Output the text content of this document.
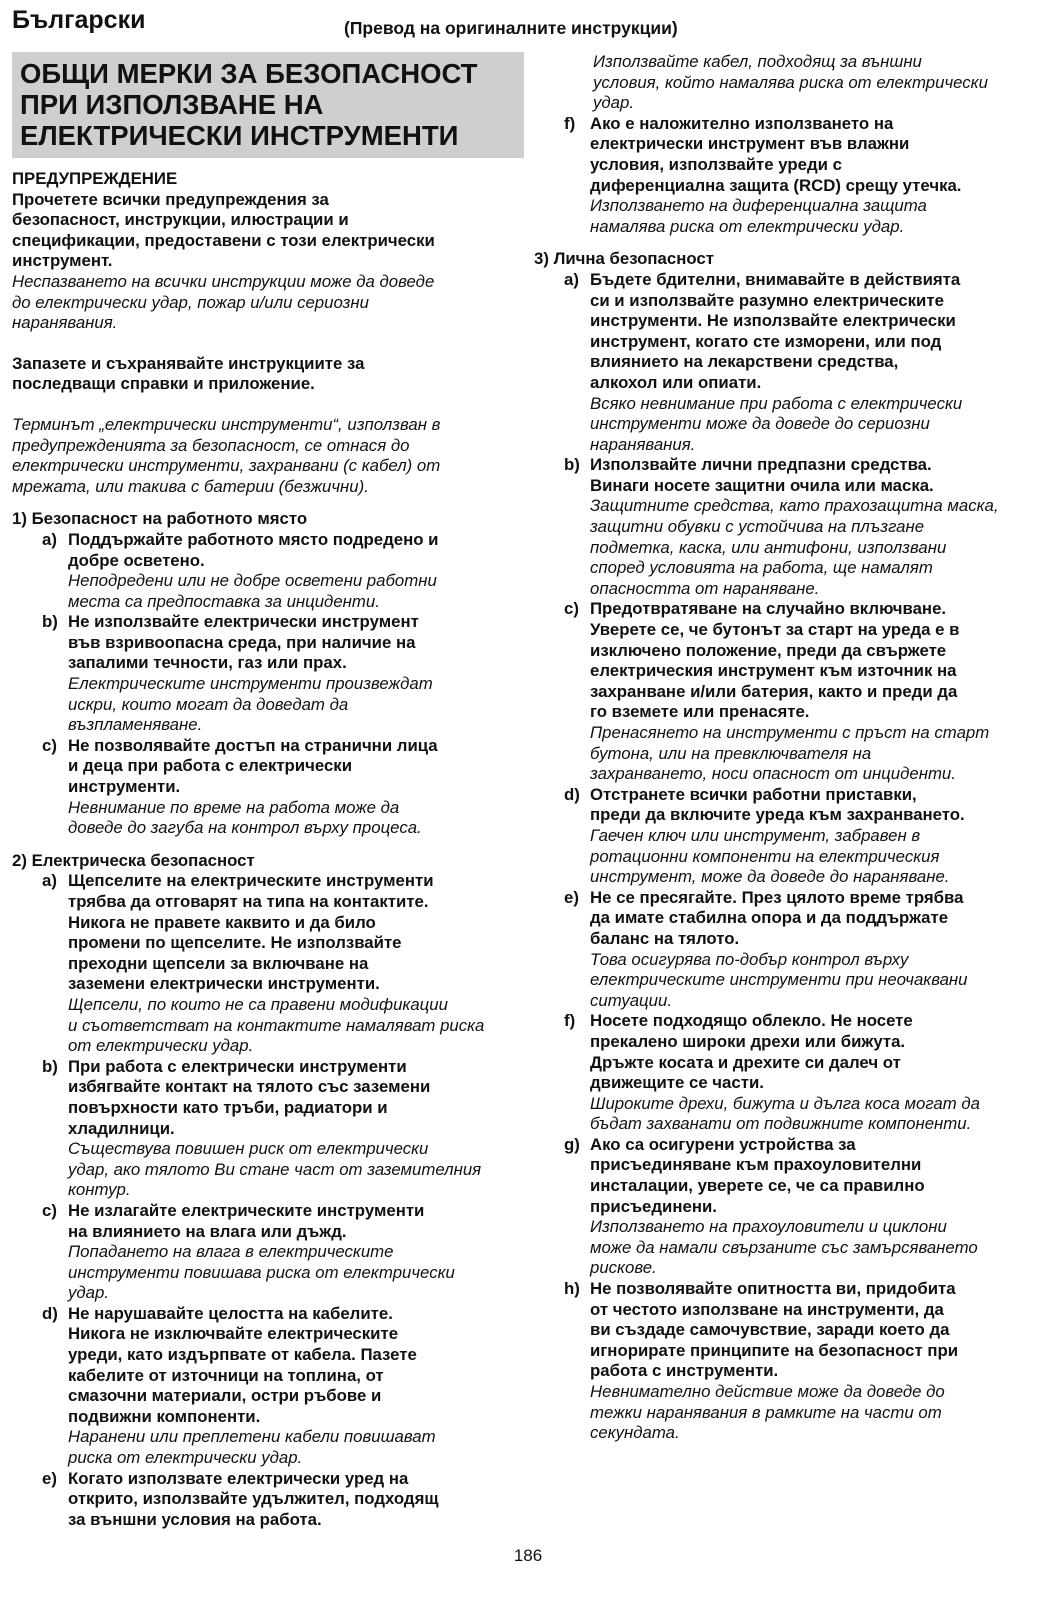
Български	(Превод на оригиналните инструкции)
ОБЩИ МЕРКИ ЗА БЕЗОПАСНОСТ
ПРИ ИЗПОЛЗВАНЕ НА
ЕЛЕКТРИЧЕСКИ ИНСТРУМЕНТИ
ПРЕДУПРЕЖДЕНИЕ
Прочетете всички предупреждения за
безопасност, инструкции, илюстрации и
спецификации, предоставени с този електрически
инструмент.
Неспазването на всички инструкции може да доведе
до електрически удар, пожар и/или сериозни
наранявания.
Запазете и съхранявайте инструкциите за
последващи справки и приложение.
Терминът „електрически инструменти“, използван в
предупрежденията за безопасност, се отнася до
електрически инструменти, захранвани (с кабел) от
мрежата, или такива с батерии (безжични).
1) Безопасност на работното място
a) Поддържайте работното място подредено и
добре осветено.
Неподредени или не добре осветени работни
места са предпоставка за инциденти.
b) Не използвайте електрически инструмент
във взривоопасна среда, при наличие на
запалими течности, газ или прах.
Електрическите инструменти произвеждат
искри, които могат да доведат да
възпламеняване.
c) Не позволявайте достъп на странични лица
и деца при работа с електрически
инструменти.
Невнимание по време на работа може да
доведе до загуба на контрол върху процеса.
2) Електрическа безопасност
a) Щепселите на електрическите инструменти
трябва да отговарят на типа на контактите.
Никога не правете каквито и да било
промени по щепселите. Не използвайте
преходни щепсели за включване на
заземени електрически инструменти.
Щепсели, по които не са правени модификации
и съответстват на контактите намаляват риска
от електрически удар.
b) При работа с електрически инструменти
избягвайте контакт на тялото със заземени
повърхности като тръби, радиатори и
хладилници.
Съществува повишен риск от електрически
удар, ако тялото Ви стане част от заземителния
контур.
c) Не излагайте електрическите инструменти
на влиянието на влага или дъжд.
Попадането на влага в електрическите
инструменти повишава риска от електрически
удар.
d) Не нарушавайте целостта на кабелите.
Никога не изключвайте електрическите
уреди, като издърпвате от кабела. Пазете
кабелите от източници на топлина, от
смазочни материали, остри ръбове и
подвижни компоненти.
Наранени или преплетени кабели повишават
риска от електрически удар.
e) Когато използвате електрически уред на
открито, използвайте удължител, подходящ
за външни условия на работа.
Използвайте кабел, подходящ за външни
условия, който намалява риска от електрически
удар.
f) Ако е наложително използването на
електрически инструмент във влажни
условия, използвайте уреди с
диференциална защита (RCD) срещу утечка.
Използването на диференциална защита
намалява риска от електрически удар.
3) Лична безопасност
a) Бъдете бдителни, внимавайте в действията
си и използвайте разумно електрическите
инструменти. Не използвайте електрически
инструмент, когато сте изморени, или под
влиянието на лекарствени средства,
алкохол или опиати.
Всяко невнимание при работа с електрически
инструменти може да доведе до сериозни
наранявания.
b) Използвайте лични предпазни средства.
Винаги носете защитни очила или маска.
Защитните средства, като прахозащитна маска,
защитни обувки с устойчива на плъзгане
подметка, каска, или антифони, използвани
според условията на работа, ще намалят
опасността от нараняване.
c) Предотвратяване на случайно включване.
Уверете се, че бутонът за старт на уреда е в
изключено положение, преди да свържете
електрическия инструмент към източник на
захранване и/или батерия, както и преди да
го вземете или пренасяте.
Пренасянето на инструменти с пръст на старт
бутона, или на превключвателя на
захранването, носи опасност от инциденти.
d) Отстранете всички работни приставки,
преди да включите уреда към захранването.
Гаечен ключ или инструмент, забравен в
ротационни компоненти на електрическия
инструмент, може да доведе до нараняване.
e) Не се пресягайте. През цялото време трябва
да имате стабилна опора и да поддържате
баланс на тялото.
Това осигурява по-добър контрол върху
електрическите инструменти при неочаквани
ситуации.
f) Носете подходящо облекло. Не носете
прекалено широки дрехи или бижута.
Дръжте косата и дрехите си далеч от
движещите се части.
Широките дрехи, бижута и дълга коса могат да
бъдат захванати от подвижните компоненти.
g) Ако са осигурени устройства за
присъединяване към прахоуловителни
инсталации, уверете се, че са правилно
присъединени.
Използването на прахоуловители и циклони
може да намали свързаните със замърсяването
рискове.
h) Не позволявайте опитността ви, придобита
от честото използване на инструменти, да
ви създаде самочувствие, заради което да
игнорирате принципите на безопасност при
работа с инструменти.
Невнимателно действие може да доведе до
тежки наранявания в рамките на части от
секундата.
186
